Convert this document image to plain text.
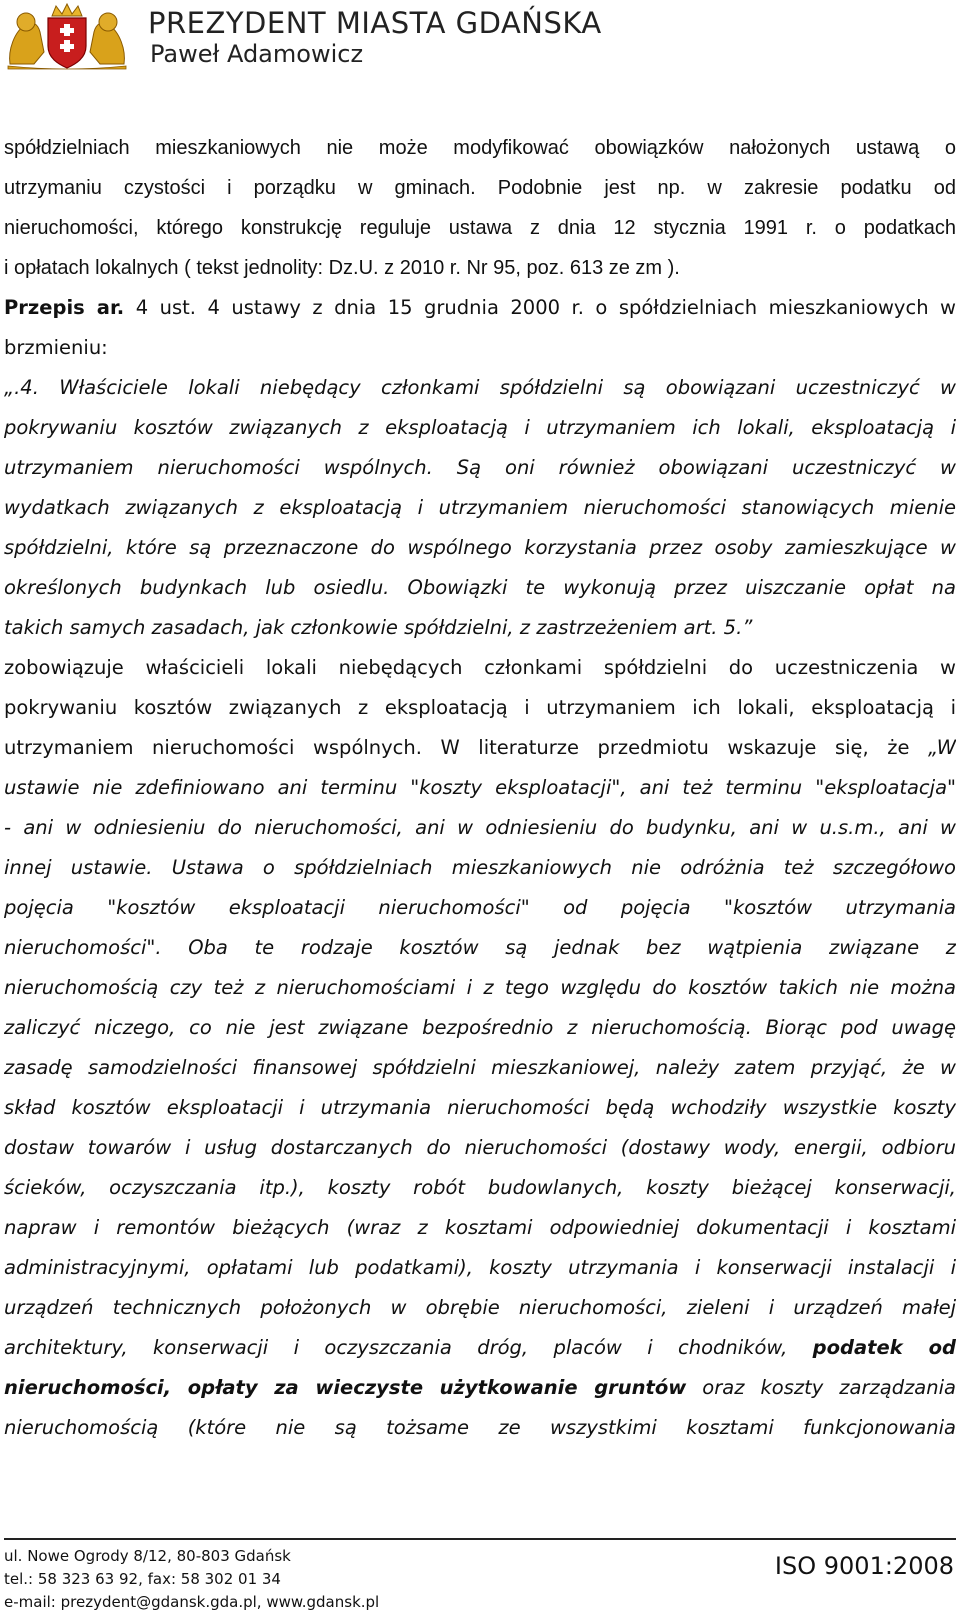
PREZYDENT MIASTA GDAŃSKA
Paweł Adamowicz
spółdzielniach mieszkaniowych nie może modyfikować obowiązków nałożonych ustawą o
utrzymaniu czystości i porządku w gminach. Podobnie jest np. w zakresie podatku od
nieruchomości, którego konstrukcję reguluje ustawa z dnia 12 stycznia 1991 r. o podatkach
i opłatach lokalnych ( tekst jednolity: Dz.U. z 2010 r. Nr 95, poz. 613 ze zm ).
Przepis ar. 4 ust. 4 ustawy z dnia 15 grudnia 2000 r. o spółdzielniach mieszkaniowych w
brzmieniu:
„.4. Właściciele lokali niebędący członkami spółdzielni są obowiązani uczestniczyć w
pokrywaniu kosztów związanych z eksploatacją i utrzymaniem ich lokali, eksploatacją i
utrzymaniem nieruchomości wspólnych. Są oni również obowiązani uczestniczyć w
wydatkach związanych z eksploatacją i utrzymaniem nieruchomości stanowiących mienie
spółdzielni, które są przeznaczone do wspólnego korzystania przez osoby zamieszkujące w
określonych budynkach lub osiedlu. Obowiązki te wykonują przez uiszczanie opłat na
takich samych zasadach, jak członkowie spółdzielni, z zastrzeżeniem art. 5.”
zobowiązuje właścicieli lokali niebędących członkami spółdzielni do uczestniczenia w
pokrywaniu kosztów związanych z eksploatacją i utrzymaniem ich lokali, eksploatacją i
utrzymaniem nieruchomości wspólnych. W literaturze przedmiotu wskazuje się, że „W
ustawie nie zdefiniowano ani terminu "koszty eksploatacji", ani też terminu "eksploatacja"
- ani w odniesieniu do nieruchomości, ani w odniesieniu do budynku, ani w u.s.m., ani w
innej ustawie. Ustawa o spółdzielniach mieszkaniowych nie odróżnia też szczegółowo
pojęcia "kosztów eksploatacji nieruchomości" od pojęcia "kosztów utrzymania
nieruchomości". Oba te rodzaje kosztów są jednak bez wątpienia związane z
nieruchomością czy też z nieruchomościami i z tego względu do kosztów takich nie można
zaliczyć niczego, co nie jest związane bezpośrednio z nieruchomością. Biorąc pod uwagę
zasadę samodzielności finansowej spółdzielni mieszkaniowej, należy zatem przyjąć, że w
skład kosztów eksploatacji i utrzymania nieruchomości będą wchodziły wszystkie koszty
dostaw towarów i usług dostarczanych do nieruchomości (dostawy wody, energii, odbioru
ścieków, oczyszczania itp.), koszty robót budowlanych, koszty bieżącej konserwacji,
napraw i remontów bieżących (wraz z kosztami odpowiedniej dokumentacji i kosztami
administracyjnymi, opłatami lub podatkami), koszty utrzymania i konserwacji instalacji i
urządzeń technicznych położonych w obrębie nieruchomości, zieleni i urządzeń małej
architektury, konserwacji i oczyszczania dróg, placów i chodników, podatek od
nieruchomości, opłaty za wieczyste użytkowanie gruntów oraz koszty zarządzania
nieruchomością (które nie są tożsame ze wszystkimi kosztami funkcjonowania
ul. Nowe Ogrody 8/12, 80-803 Gdańsk
tel.: 58 323 63 92, fax: 58 302 01 34
e-mail: prezydent@gdansk.gda.pl, www.gdansk.pl
ISO 9001:2008
